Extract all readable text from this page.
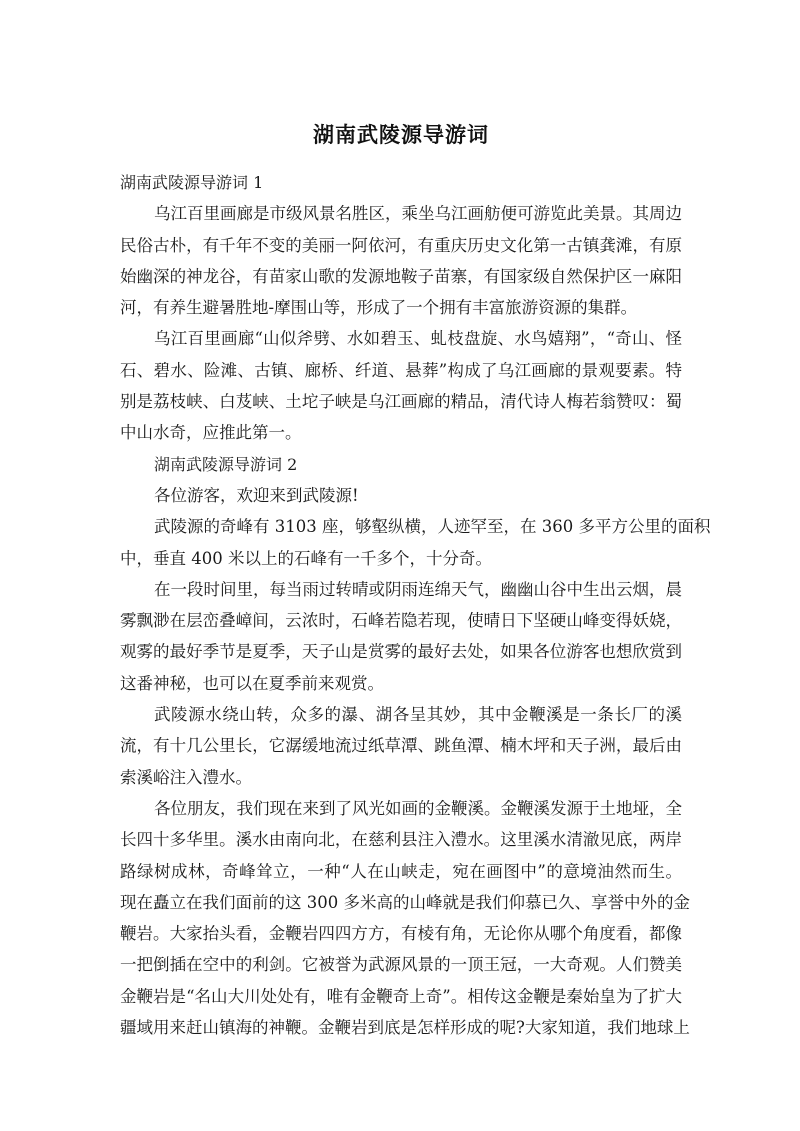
湖南武陵源导游词

湖南武陵源导游词 1

乌江百里画廊是市级风景名胜区，乘坐乌江画舫便可游览此美景。其周边

民俗古朴，有千年不变的美丽一阿依河，有重庆历史文化第一古镇龚滩，有原

始幽深的神龙谷，有苗家山歌的发源地鞍子苗寨，有国家级自然保护区一麻阳

河，有养生避暑胜地-摩围山等，形成了一个拥有丰富旅游资源的集群。

乌江百里画廊“山似斧劈、水如碧玉、虬枝盘旋、水鸟嬉翔”，“奇山、怪

石、碧水、险滩、古镇、廊桥、纤道、悬葬”构成了乌江画廊的景观要素。特

别是荔枝峡、白芨峡、土坨子峡是乌江画廊的精品，清代诗人梅若翁赞叹：蜀

中山水奇，应推此第一。

湖南武陵源导游词 2

各位游客，欢迎来到武陵源!

武陵源的奇峰有 3103 座，够壑纵横，人迹罕至，在 360 多平方公里的面积

中，垂直 400 米以上的石峰有一千多个，十分奇。

在一段时间里，每当雨过转晴或阴雨连绵天气，幽幽山谷中生出云烟，晨

雾飘渺在层峦叠嶂间，云浓时，石峰若隐若现，使晴日下坚硬山峰变得妖娆，

观雾的最好季节是夏季，天子山是赏雾的最好去处，如果各位游客也想欣赏到

这番神秘，也可以在夏季前来观赏。

武陵源水绕山转，众多的瀑、湖各呈其妙，其中金鞭溪是一条长厂的溪

流，有十几公里长，它潺缓地流过纸草潭、跳鱼潭、楠木坪和天子洲，最后由

索溪峪注入澧水。

各位朋友，我们现在来到了风光如画的金鞭溪。金鞭溪发源于土地垭，全

长四十多华里。溪水由南向北，在慈利县注入澧水。这里溪水清澈见底，两岸

路绿树成林，奇峰耸立，一种“人在山峡走，宛在画图中”的意境油然而生。

现在矗立在我们面前的这 300 多米高的山峰就是我们仰慕已久、享誉中外的金

鞭岩。大家抬头看，金鞭岩四四方方，有棱有角，无论你从哪个角度看，都像

一把倒插在空中的利剑。它被誉为武源风景的一顶王冠，一大奇观。人们赞美

金鞭岩是“名山大川处处有，唯有金鞭奇上奇”。相传这金鞭是秦始皇为了扩大

疆域用来赶山镇海的神鞭。金鞭岩到底是怎样形成的呢?大家知道，我们地球上
